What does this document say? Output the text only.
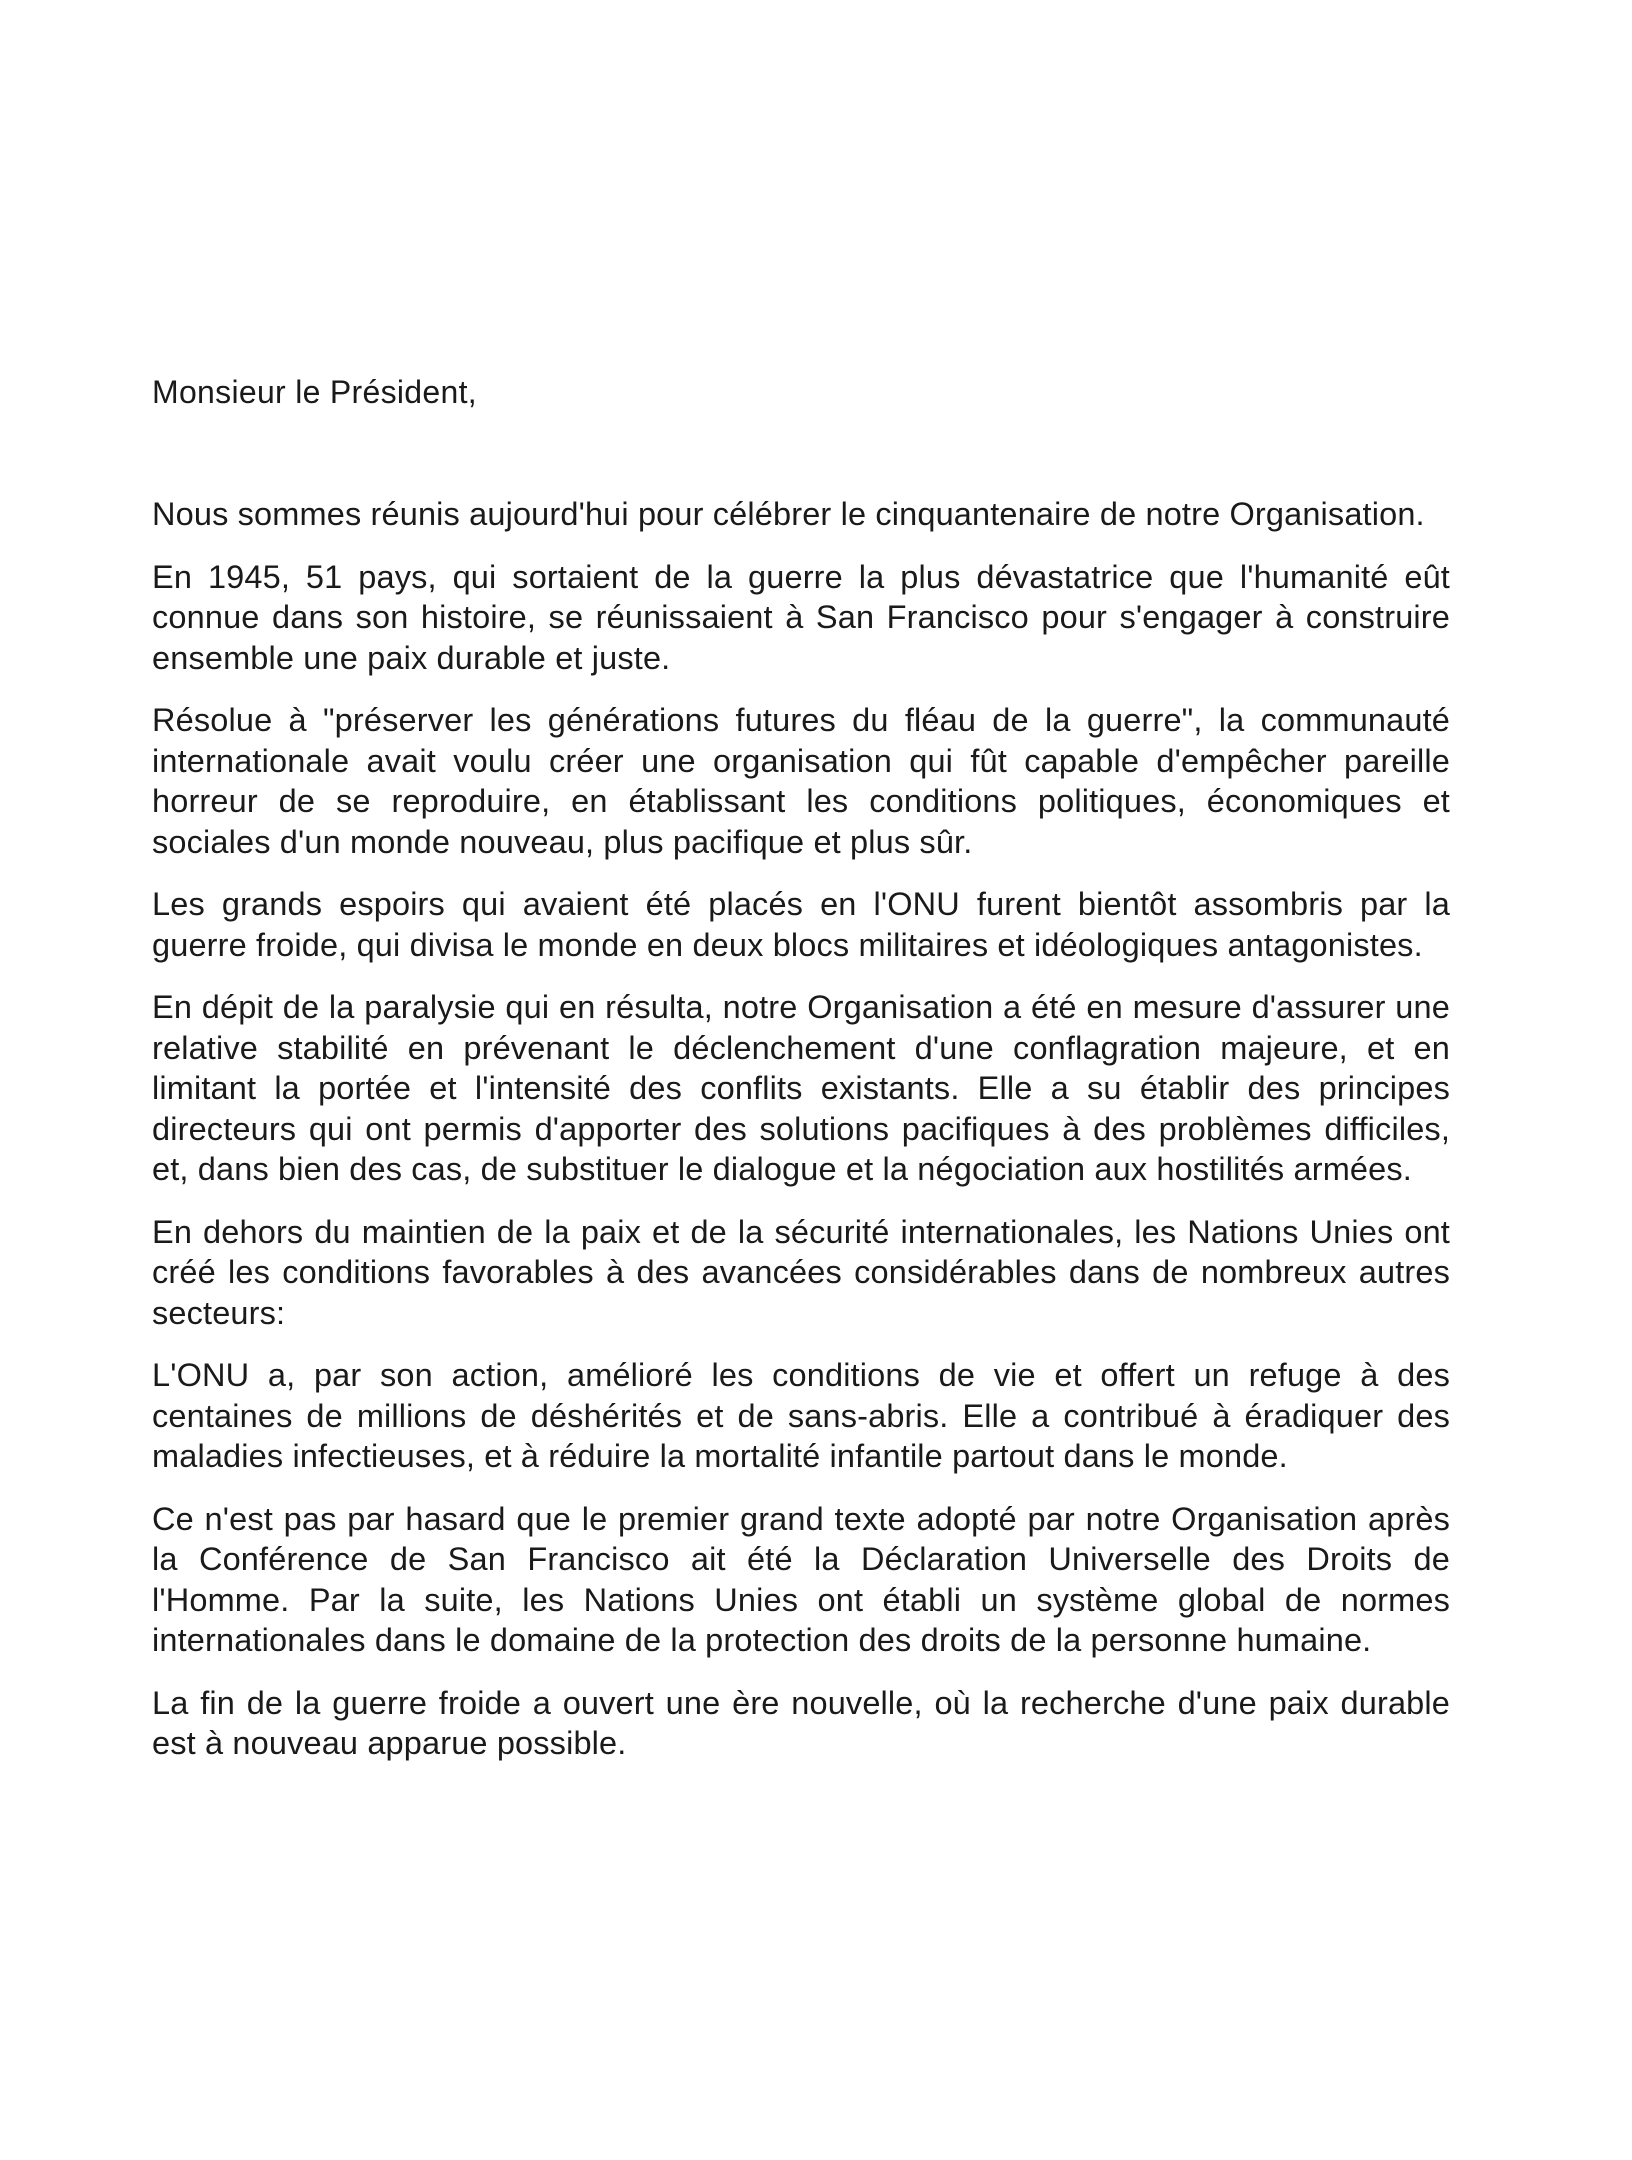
Monsieur le Président,

Nous sommes réunis aujourd'hui pour célébrer le cinquantenaire de notre Organisation.

En 1945, 51 pays, qui sortaient de la guerre la plus dévastatrice que l'humanité eût connue dans son histoire, se réunissaient à San Francisco pour s'engager à construire ensemble une paix durable et juste.

Résolue à "préserver les générations futures du fléau de la guerre", la communauté internationale avait voulu créer une organisation qui fût capable d'empêcher pareille horreur de se reproduire, en établissant les conditions politiques, économiques et sociales d'un monde nouveau, plus pacifique et plus sûr.

Les grands espoirs qui avaient été placés en l'ONU furent bientôt assombris par la guerre froide, qui divisa le monde en deux blocs militaires et idéologiques antagonistes.

En dépit de la paralysie qui en résulta, notre Organisation a été en mesure d'assurer une relative stabilité en prévenant le déclenchement d'une conflagration majeure, et en limitant la portée et l'intensité des conflits existants. Elle a su établir des principes directeurs qui ont permis d'apporter des solutions pacifiques à des problèmes difficiles, et, dans bien des cas, de substituer le dialogue et la négociation aux hostilités armées.

En dehors du maintien de la paix et de la sécurité internationales, les Nations Unies ont créé les conditions favorables à des avancées considérables dans de nombreux autres secteurs:

L'ONU a, par son action, amélioré les conditions de vie et offert un refuge à des centaines de millions de déshérités et de sans-abris. Elle a contribué à éradiquer des maladies infectieuses, et à réduire la mortalité infantile partout dans le monde.

Ce n'est pas par hasard que le premier grand texte adopté par notre Organisation après la Conférence de San Francisco ait été la Déclaration Universelle des Droits de l'Homme. Par la suite, les Nations Unies ont établi un système global de normes internationales dans le domaine de la protection des droits de la personne humaine.

La fin de la guerre froide a ouvert une ère nouvelle, où la recherche d'une paix durable est à nouveau apparue possible.
